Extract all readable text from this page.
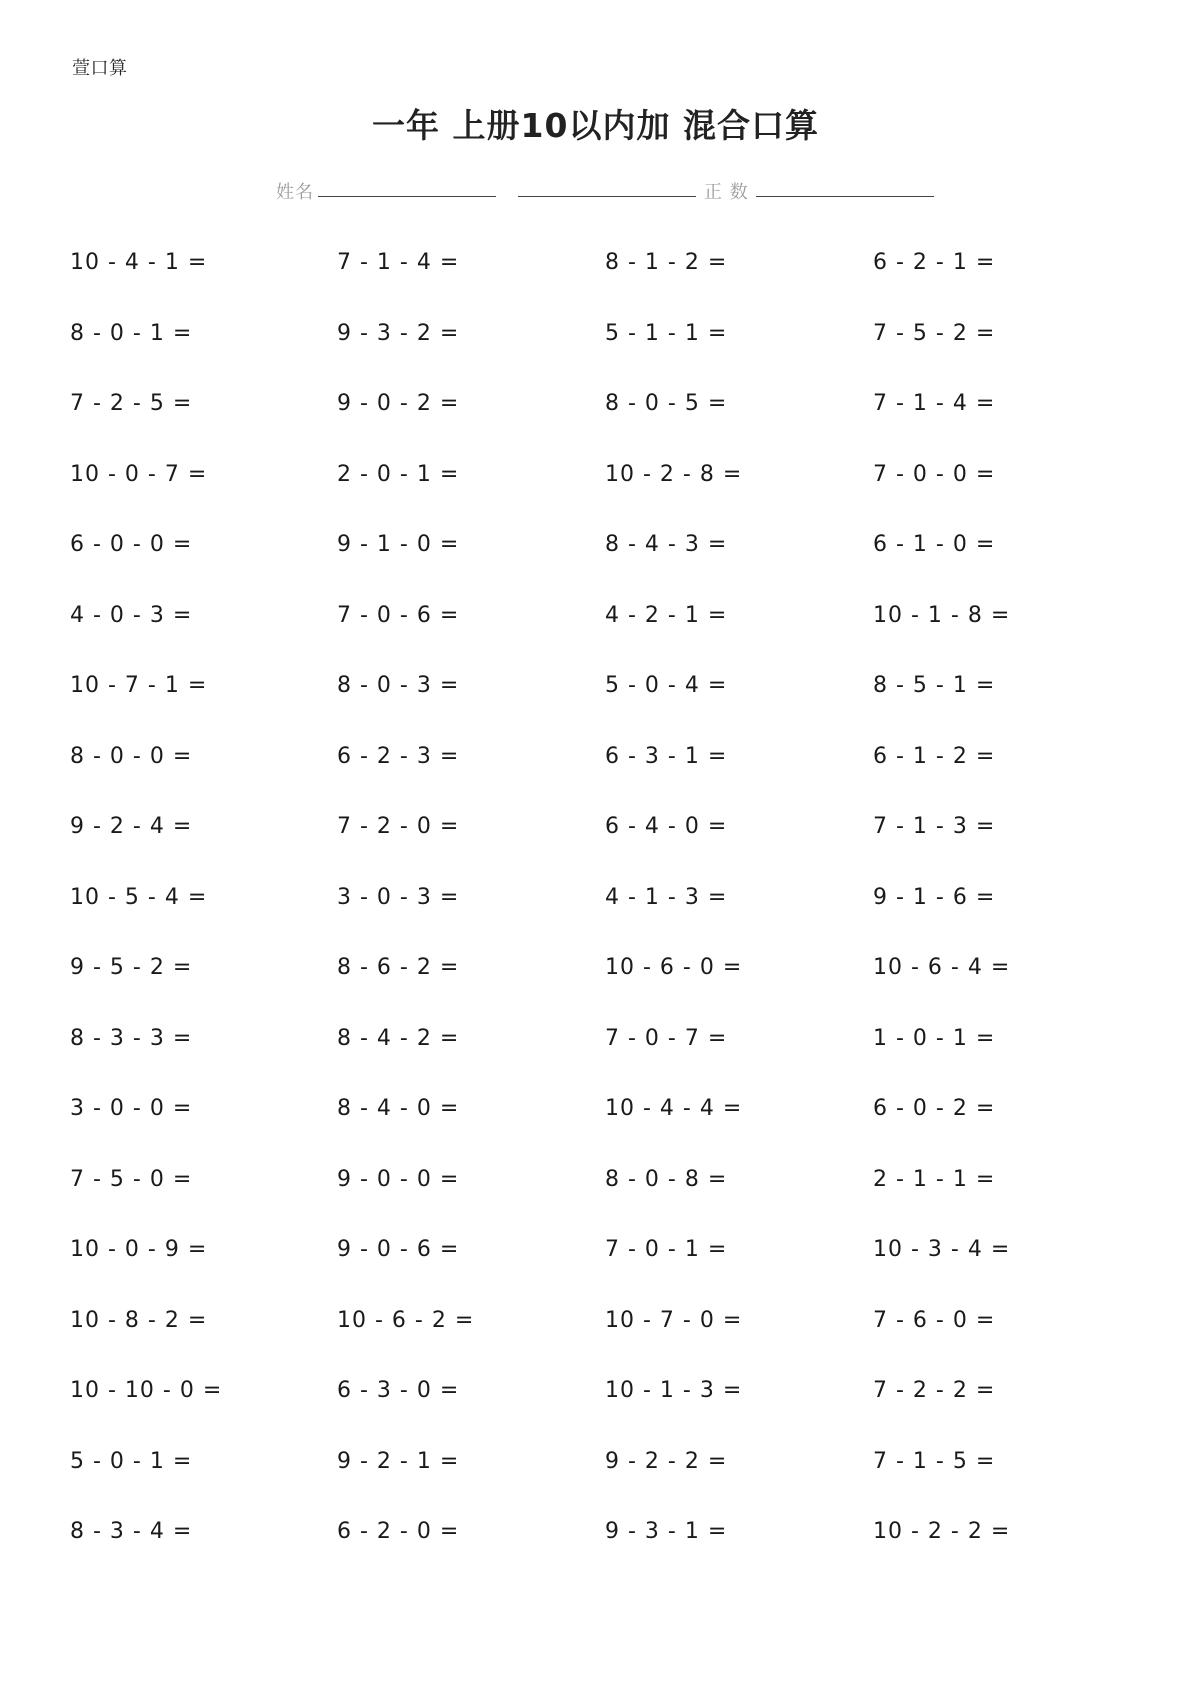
萱口算
一年 上册10以内加 混合口算
姓名	正 数
10 - 4 - 1 =	7 - 1 - 4 =	8 - 1 - 2 =	6 - 2 - 1 =
8 - 0 - 1 =	9 - 3 - 2 =	5 - 1 - 1 =	7 - 5 - 2 =
7 - 2 - 5 =	9 - 0 - 2 =	8 - 0 - 5 =	7 - 1 - 4 =
10 - 0 - 7 =	2 - 0 - 1 =	10 - 2 - 8 =	7 - 0 - 0 =
6 - 0 - 0 =	9 - 1 - 0 =	8 - 4 - 3 =	6 - 1 - 0 =
4 - 0 - 3 =	7 - 0 - 6 =	4 - 2 - 1 =	10 - 1 - 8 =
10 - 7 - 1 =	8 - 0 - 3 =	5 - 0 - 4 =	8 - 5 - 1 =
8 - 0 - 0 =	6 - 2 - 3 =	6 - 3 - 1 =	6 - 1 - 2 =
9 - 2 - 4 =	7 - 2 - 0 =	6 - 4 - 0 =	7 - 1 - 3 =
10 - 5 - 4 =	3 - 0 - 3 =	4 - 1 - 3 =	9 - 1 - 6 =
9 - 5 - 2 =	8 - 6 - 2 =	10 - 6 - 0 =	10 - 6 - 4 =
8 - 3 - 3 =	8 - 4 - 2 =	7 - 0 - 7 =	1 - 0 - 1 =
3 - 0 - 0 =	8 - 4 - 0 =	10 - 4 - 4 =	6 - 0 - 2 =
7 - 5 - 0 =	9 - 0 - 0 =	8 - 0 - 8 =	2 - 1 - 1 =
10 - 0 - 9 =	9 - 0 - 6 =	7 - 0 - 1 =	10 - 3 - 4 =
10 - 8 - 2 =	10 - 6 - 2 =	10 - 7 - 0 =	7 - 6 - 0 =
10 - 10 - 0 =	6 - 3 - 0 =	10 - 1 - 3 =	7 - 2 - 2 =
5 - 0 - 1 =	9 - 2 - 1 =	9 - 2 - 2 =	7 - 1 - 5 =
8 - 3 - 4 =	6 - 2 - 0 =	9 - 3 - 1 =	10 - 2 - 2 =
